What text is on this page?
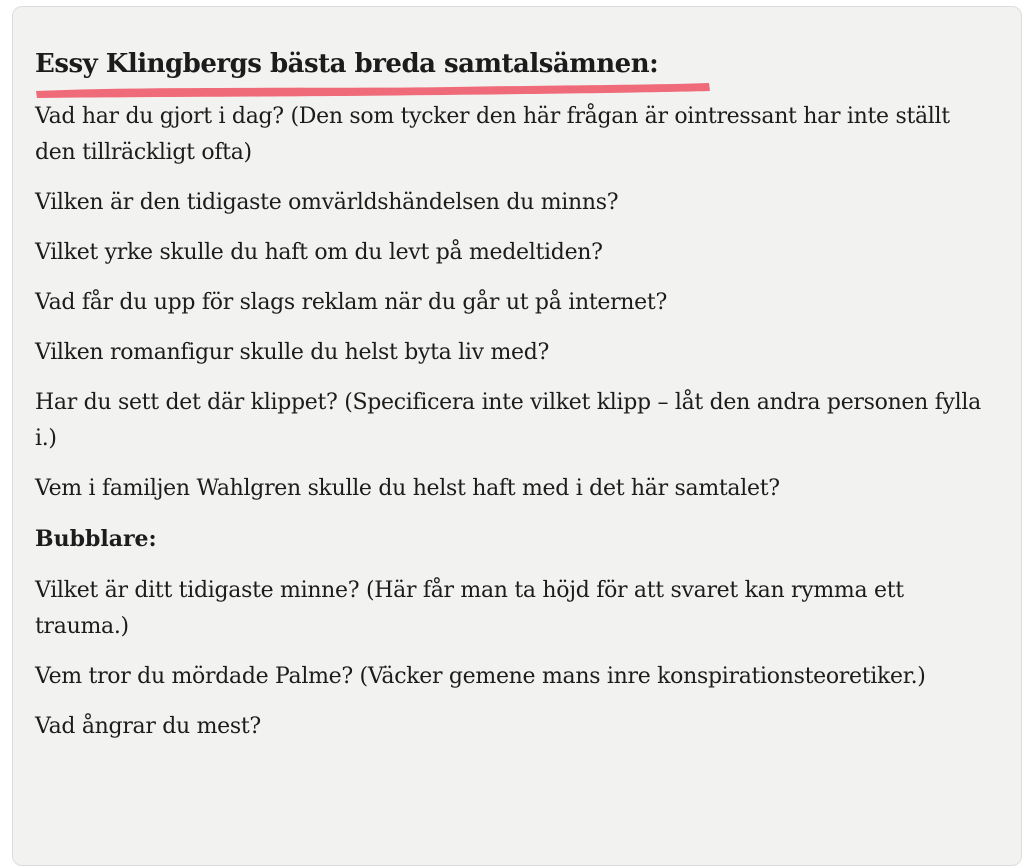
Essy Klingbergs bästa breda samtalsämnen:

Vad har du gjort i dag? (Den som tycker den här frågan är ointressant har inte ställt den tillräckligt ofta)

Vilken är den tidigaste omvärldshändelsen du minns?

Vilket yrke skulle du haft om du levt på medeltiden?

Vad får du upp för slags reklam när du går ut på internet?

Vilken romanfigur skulle du helst byta liv med?

Har du sett det där klippet? (Specificera inte vilket klipp – låt den andra personen fylla i.)

Vem i familjen Wahlgren skulle du helst haft med i det här samtalet?

Bubblare:

Vilket är ditt tidigaste minne? (Här får man ta höjd för att svaret kan rymma ett trauma.)

Vem tror du mördade Palme? (Väcker gemene mans inre konspirationsteoretiker.)

Vad ångrar du mest?
